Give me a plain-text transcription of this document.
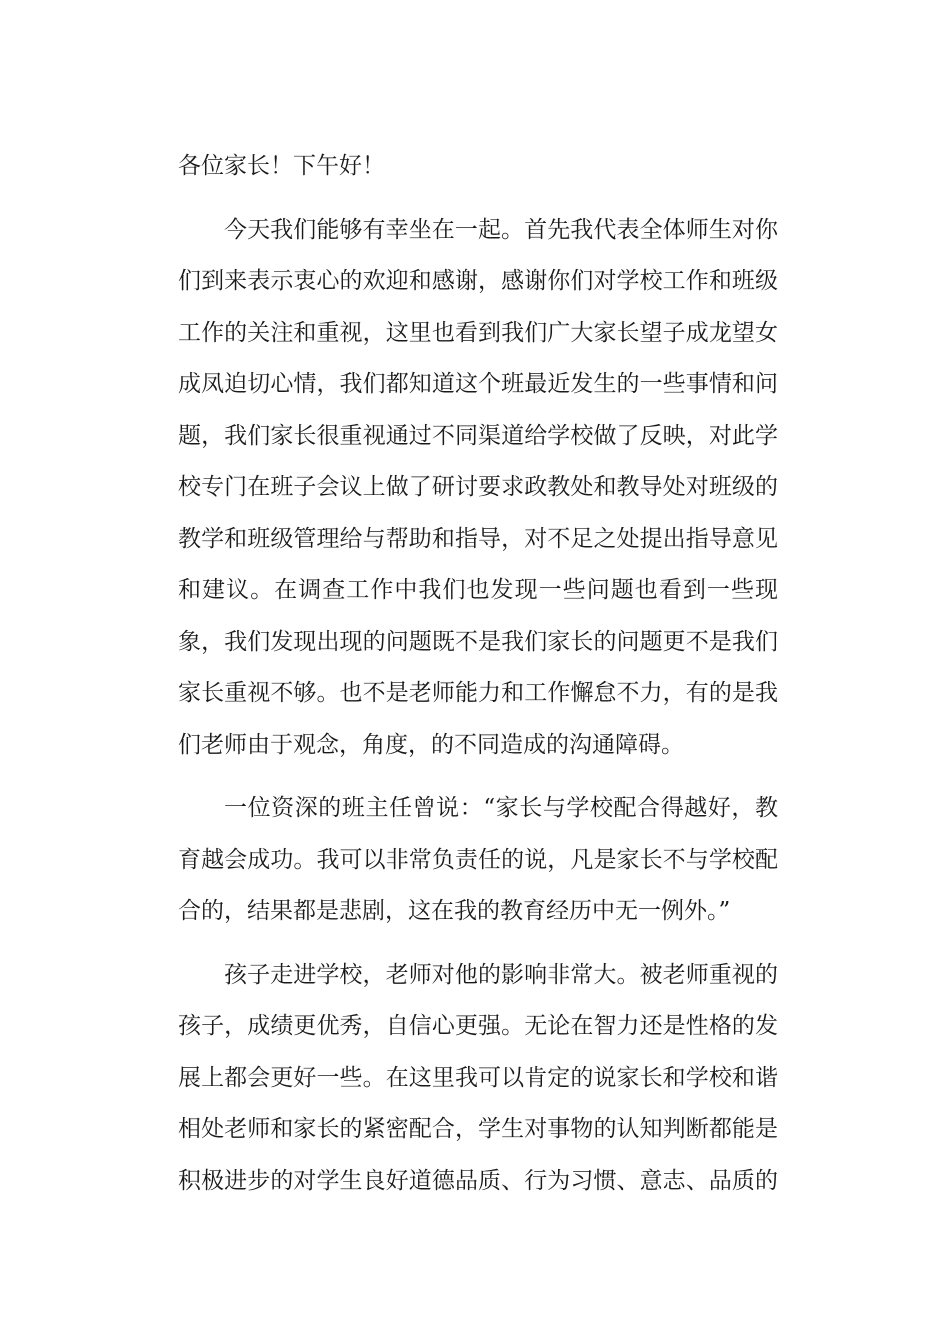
各位家长！下午好！
今天我们能够有幸坐在一起。首先我代表全体师生对你
们到来表示衷心的欢迎和感谢，感谢你们对学校工作和班级
工作的关注和重视，这里也看到我们广大家长望子成龙望女
成凤迫切心情，我们都知道这个班最近发生的一些事情和问
题，我们家长很重视通过不同渠道给学校做了反映，对此学
校专门在班子会议上做了研讨要求政教处和教导处对班级的
教学和班级管理给与帮助和指导，对不足之处提出指导意见
和建议。在调查工作中我们也发现一些问题也看到一些现
象，我们发现出现的问题既不是我们家长的问题更不是我们
家长重视不够。也不是老师能力和工作懈怠不力，有的是我
们老师由于观念，角度，的不同造成的沟通障碍。
一位资深的班主任曾说：“家长与学校配合得越好，教
育越会成功。我可以非常负责任的说，凡是家长不与学校配
合的，结果都是悲剧，这在我的教育经历中无一例外。”
孩子走进学校，老师对他的影响非常大。被老师重视的
孩子，成绩更优秀，自信心更强。无论在智力还是性格的发
展上都会更好一些。在这里我可以肯定的说家长和学校和谐
相处老师和家长的紧密配合，学生对事物的认知判断都能是
积极进步的对学生良好道德品质、行为习惯、意志、品质的
